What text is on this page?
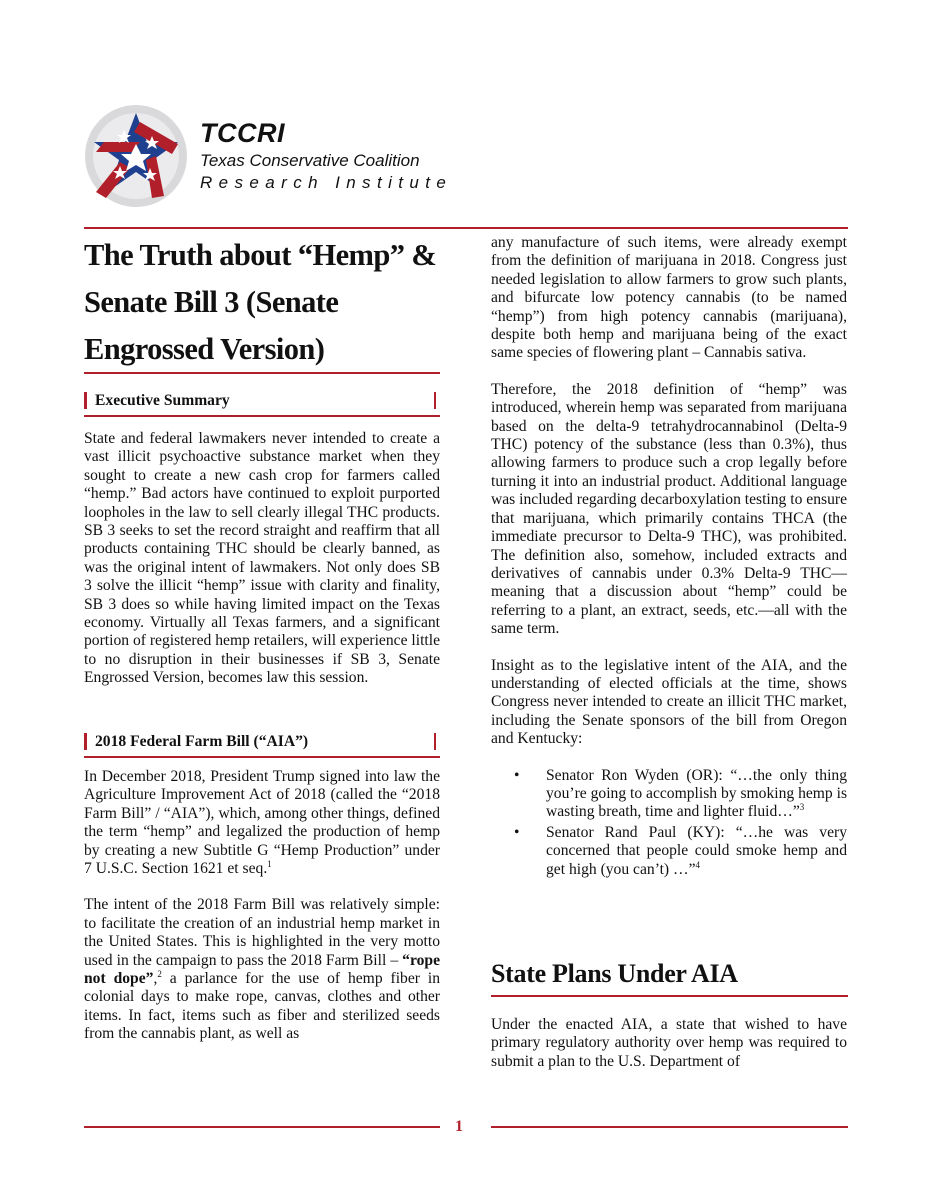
TCCRI
Texas Conservative Coalition
Research Institute
The Truth about “Hemp” & Senate Bill 3 (Senate Engrossed Version)
Executive Summary

State and federal lawmakers never intended to create a vast illicit psychoactive substance market when they sought to create a new cash crop for farmers called “hemp.” Bad actors have continued to exploit purported loopholes in the law to sell clearly illegal THC products. SB 3 seeks to set the record straight and reaffirm that all products containing THC should be clearly banned, as was the original intent of lawmakers. Not only does SB 3 solve the illicit “hemp” issue with clarity and finality, SB 3 does so while having limited impact on the Texas economy. Virtually all Texas farmers, and a significant portion of registered hemp retailers, will experience little to no disruption in their businesses if SB 3, Senate Engrossed Version, becomes law this session.

2018 Federal Farm Bill (“AIA”)

In December 2018, President Trump signed into law the Agriculture Improvement Act of 2018 (called the “2018 Farm Bill” / “AIA”), which, among other things, defined the term “hemp” and legalized the production of hemp by creating a new Subtitle G “Hemp Production” under 7 U.S.C. Section 1621 et seq.$^1$

The intent of the 2018 Farm Bill was relatively simple: to facilitate the creation of an industrial hemp market in the United States. This is highlighted in the very motto used in the campaign to pass the 2018 Farm Bill – “rope not dope”,$^2$ a parlance for the use of hemp fiber in colonial days to make rope, canvas, clothes and other items. In fact, items such as fiber and sterilized seeds from the cannabis plant, as well as

any manufacture of such items, were already exempt from the definition of marijuana in 2018. Congress just needed legislation to allow farmers to grow such plants, and bifurcate low potency cannabis (to be named “hemp”) from high potency cannabis (marijuana), despite both hemp and marijuana being of the exact same species of flowering plant – Cannabis sativa.

Therefore, the 2018 definition of “hemp” was introduced, wherein hemp was separated from marijuana based on the delta-9 tetrahydrocannabinol (Delta-9 THC) potency of the substance (less than 0.3%), thus allowing farmers to produce such a crop legally before turning it into an industrial product. Additional language was included regarding decarboxylation testing to ensure that marijuana, which primarily contains THCA (the immediate precursor to Delta-9 THC), was prohibited. The definition also, somehow, included extracts and derivatives of cannabis under 0.3% Delta-9 THC—meaning that a discussion about “hemp” could be referring to a plant, an extract, seeds, etc.—all with the same term.

Insight as to the legislative intent of the AIA, and the understanding of elected officials at the time, shows Congress never intended to create an illicit THC market, including the Senate sponsors of the bill from Oregon and Kentucky:

• Senator Ron Wyden (OR): “…the only thing you’re going to accomplish by smoking hemp is wasting breath, time and lighter fluid…”$^3$
• Senator Rand Paul (KY): “…he was very concerned that people could smoke hemp and get high (you can’t) …”$^4$
State Plans Under AIA

Under the enacted AIA, a state that wished to have primary regulatory authority over hemp was required to submit a plan to the U.S. Department of

1
